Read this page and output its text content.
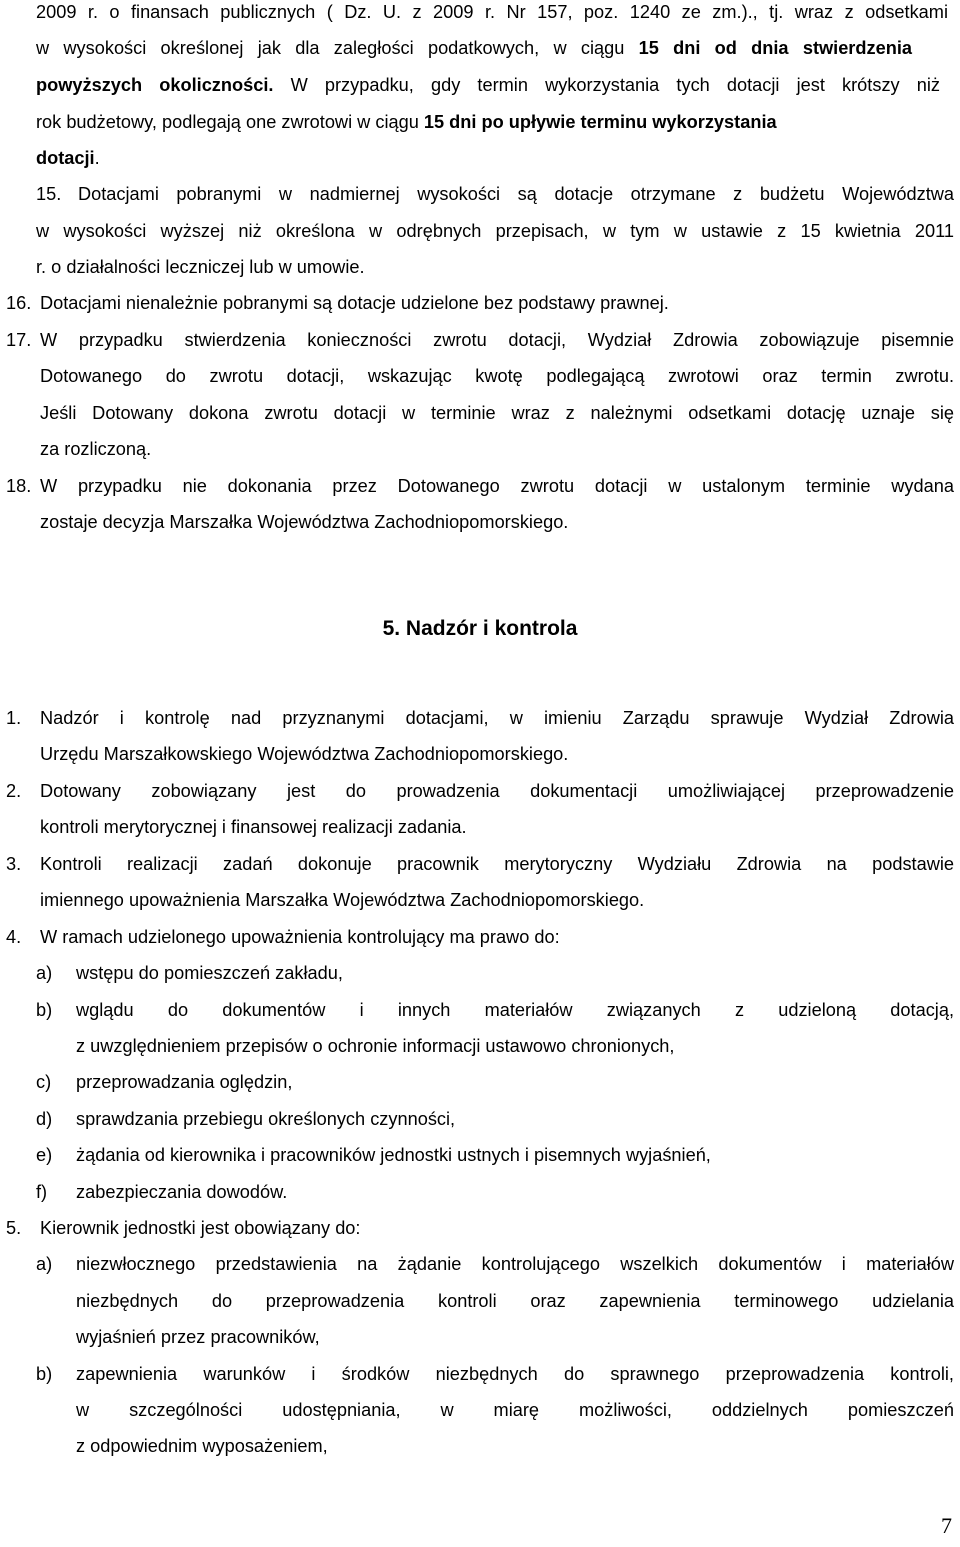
2009 r. o finansach publicznych ( Dz. U. z 2009 r. Nr 157, poz. 1240 ze zm.)., tj. wraz z odsetkami
w wysokości określonej jak dla zaległości podatkowych, w ciągu 15 dni od dnia stwierdzenia
powyższych okoliczności. W przypadku, gdy termin wykorzystania tych dotacji jest krótszy niż
rok budżetowy, podlegają one zwrotowi w ciągu 15 dni po upływie terminu wykorzystania
dotacji.
15. Dotacjami pobranymi w nadmiernej wysokości są dotacje otrzymane z budżetu Województwa
w wysokości wyższej niż określona w odrębnych przepisach, w tym w ustawie z 15 kwietnia 2011
r. o działalności leczniczej lub w umowie.
16. Dotacjami nienależnie pobranymi są dotacje udzielone bez podstawy prawnej.
17. W przypadku stwierdzenia konieczności zwrotu dotacji, Wydział Zdrowia zobowiązuje pisemnie
Dotowanego do zwrotu dotacji, wskazując kwotę podlegającą zwrotowi oraz termin zwrotu.
Jeśli Dotowany dokona zwrotu dotacji w terminie wraz z należnymi odsetkami dotację uznaje się
za rozliczoną.
18. W przypadku nie dokonania przez Dotowanego zwrotu dotacji w ustalonym terminie wydana
zostaje decyzja Marszałka Województwa Zachodniopomorskiego.
5. Nadzór i kontrola
1. Nadzór i kontrolę nad przyznanymi dotacjami, w imieniu Zarządu sprawuje Wydział Zdrowia
Urzędu Marszałkowskiego Województwa Zachodniopomorskiego.
2. Dotowany zobowiązany jest do prowadzenia dokumentacji umożliwiającej przeprowadzenie
kontroli merytorycznej i finansowej realizacji zadania.
3. Kontroli realizacji zadań dokonuje pracownik merytoryczny Wydziału Zdrowia na podstawie
imiennego upoważnienia Marszałka Województwa Zachodniopomorskiego.
4. W ramach udzielonego upoważnienia kontrolujący ma prawo do:
a) wstępu do pomieszczeń zakładu,
b) wglądu do dokumentów i innych materiałów związanych z udzieloną dotacją,
z uwzględnieniem przepisów o ochronie informacji ustawowo chronionych,
c) przeprowadzania oględzin,
d) sprawdzania przebiegu określonych czynności,
e) żądania od kierownika i pracowników jednostki ustnych i pisemnych wyjaśnień,
f) zabezpieczania dowodów.
5. Kierownik jednostki jest obowiązany do:
a) niezwłocznego przedstawienia na żądanie kontrolującego wszelkich dokumentów i materiałów
niezbędnych do przeprowadzenia kontroli oraz zapewnienia terminowego udzielania
wyjaśnień przez pracowników,
b) zapewnienia warunków i środków niezbędnych do sprawnego przeprowadzenia kontroli,
w szczególności udostępniania, w miarę możliwości, oddzielnych pomieszczeń
z odpowiednim wyposażeniem,
7
